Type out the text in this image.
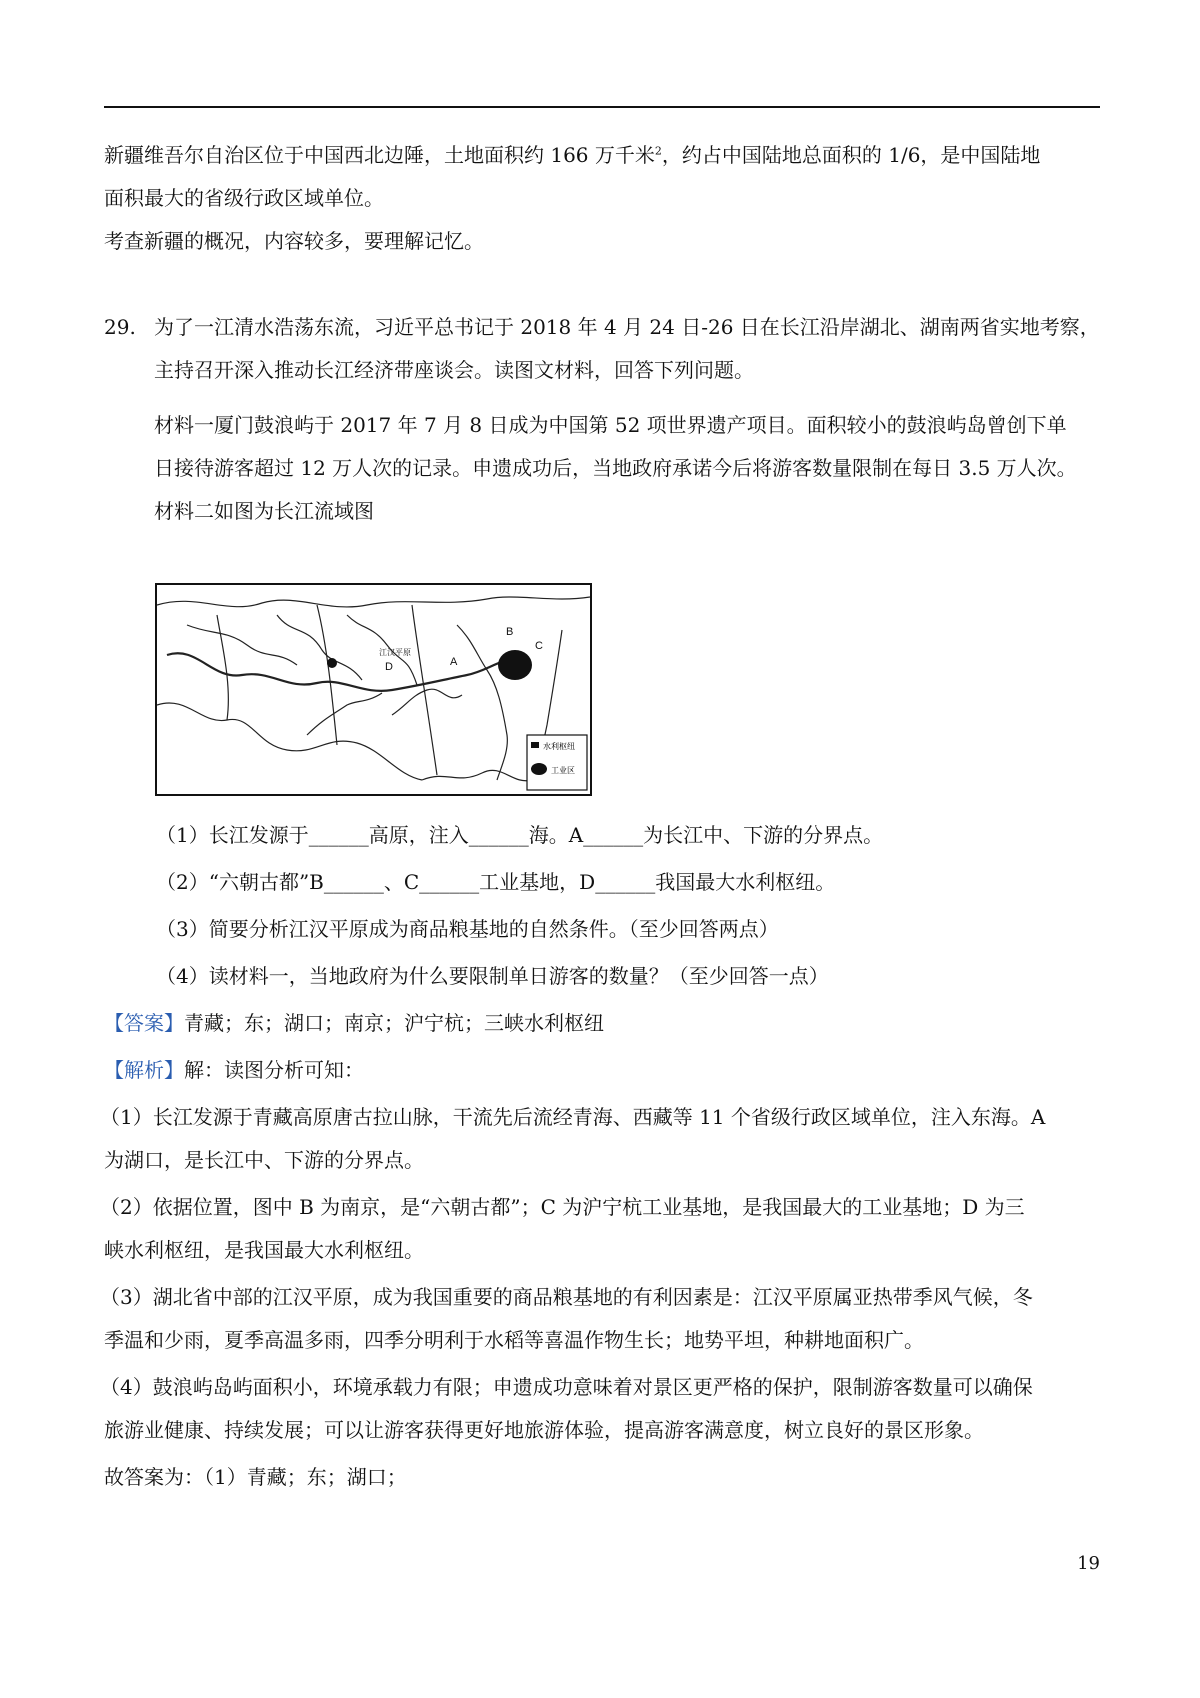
新疆维吾尔自治区位于中国西北边陲，土地面积约 166 万千米$^2$，约占中国陆地总面积的 1/6，是中国陆地
面积最大的省级行政区域单位。
考查新疆的概况，内容较多，要理解记忆。
29. 为了一江清水浩荡东流，习近平总书记于 2018 年 4 月 24 日-26 日在长江沿岸湖北、湖南两省实地考察，
主持召开深入推动长江经济带座谈会。读图文材料，回答下列问题。
材料一厦门鼓浪屿于 2017 年 7 月 8 日成为中国第 52 项世界遗产项目。面积较小的鼓浪屿岛曾创下单
日接待游客超过 12 万人次的记录。申遗成功后，当地政府承诺今后将游客数量限制在每日 3.5 万人次。
材料二如图为长江流域图
B
C
A
D
江汉平原
水利枢纽
工业区
（1）长江发源于______高原，注入______海。A______为长江中、下游的分界点。
（2）“六朝古都”B______、C______工业基地，D______我国最大水利枢纽。
（3）简要分析江汉平原成为商品粮基地的自然条件。（至少回答两点）
（4）读材料一，当地政府为什么要限制单日游客的数量？（至少回答一点）
【答案】青藏；东；湖口；南京；沪宁杭；三峡水利枢纽
【解析】解：读图分析可知：
（1）长江发源于青藏高原唐古拉山脉，干流先后流经青海、西藏等 11 个省级行政区域单位，注入东海。A
为湖口，是长江中、下游的分界点。
（2）依据位置，图中 B 为南京，是“六朝古都”；C 为沪宁杭工业基地，是我国最大的工业基地；D 为三
峡水利枢纽，是我国最大水利枢纽。
（3）湖北省中部的江汉平原，成为我国重要的商品粮基地的有利因素是：江汉平原属亚热带季风气候，冬
季温和少雨，夏季高温多雨，四季分明利于水稻等喜温作物生长；地势平坦，种耕地面积广。
（4）鼓浪屿岛屿面积小，环境承载力有限；申遗成功意味着对景区更严格的保护，限制游客数量可以确保
旅游业健康、持续发展；可以让游客获得更好地旅游体验，提高游客满意度，树立良好的景区形象。
故答案为：（1）青藏；东；湖口；
19
